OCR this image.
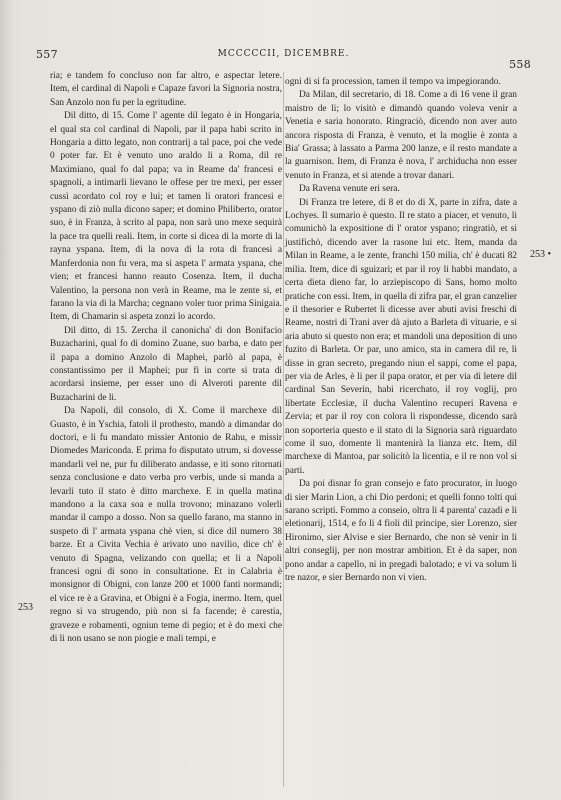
557	MCCCCCII, DICEMBRE.
558
253
253 •

ria; e tandem fo concluso non far altro, e aspectar letere. Item, el cardinal di Napoli e Capaze favori la Signoria nostra, San Anzolo non fu per la egritudine.

Dil ditto, di 15. Come l' agente dil legato è in Hongaria, el qual sta col cardinal di Napoli, par il papa habi scrito in Hongaria a ditto legato, non contrarij a tal pace, poi che vede 0 poter far. Et è venuto uno araldo li a Roma, dil re Maximiano, qual fo dal papa; va in Reame da' francesi e spagnoli, a intimarli lievano le offese per tre mexi, per esser cussì acordato col roy e lui; et tamen li oratori francesi e yspano di ziò nulla dicono saper; et domino Philiberto, orator suo, è in Franza, à scrito al papa, non sarà uno mexe sequirà la pace tra quelli reali. Item, in corte si dicea di la morte di la rayna yspana. Item, di la nova di la rota di francesi a Manferdonia non fu vera, ma si aspeta l' armata yspana, che vien; et francesi hanno reauto Cosenza. Item, il ducha Valentino, la persona non verà in Reame, ma le zente si, et farano la via di la Marcha; cegnano voler tuor prima Sinigaia. Item, di Chamarin si aspeta zonzi lo acordo.

Dil ditto, di 15. Zercha il canonicha' di don Bonifacio Buzacharini, qual fo di domino Zuane, suo barba, e dato per il papa a domino Anzolo di Maphei, parlò al papa, è constantissimo per il Maphei; pur fi in corte si trata di acordarsi insieme, per esser uno di Alveroti parente dil Buzacharini de li.

Da Napoli, dil consolo, di X. Come il marchexe dil Guasto, è in Yschia, fatoli il prothesto, mandò a dimandar do doctori, e li fu mandato missier Antonio de Rahu, e missir Diomedes Mariconda. E prima fo disputato utrum, si dovesse mandarli vel ne, pur fu diliberato andasse, e iti sono ritornati senza conclusione e dato verba pro verbis, unde si manda a levarli tuto il stato è ditto marchexe. E in quella matina mandono a la caxa soa e nulla trovono; minazano volerli mandar il campo a dosso. Non sa quello farano, ma stanno in suspeto di l' armata yspana chè vien, si dice dil numero 38 barze. Et a Civita Vechia è arivato uno navilio, dice ch' è venuto di Spagna, velizando con quella; et li a Napoli francesi ogni di sono in consultatione. Et in Calabria è monsignor di Obigni, con lanze 200 et 1000 fanti normandi; el vice re è a Gravina, et Obigni è a Fogia, inermo. Item, quel regno si va strugendo, più non si fa facende; è carestia, graveze e robamenti, ogniun teme di pegio; et è do mexi che di li non usano se non piogie e mali tempi, e

ogni di si fa procession, tamen il tempo va impegiorando.

Da Milan, dil secretario, di 18. Come a di 16 vene il gran maistro de li; lo visitò e dimandò quando voleva venir a Venetia e saria honorato. Ringraciò, dicendo non aver auto ancora risposta di Franza, è venuto, et la moglie è zonta a Bia' Grassa; à lassato a Parma 200 lanze, e il resto mandate a la guarnison. Item, di Franza è nova, l' archiducha non esser venuto in Franza, et si atende a trovar danari.

Da Ravena venute eri sera.

Di Franza tre letere, di 8 et do di X, parte in zifra, date a Lochyes. Il sumario è questo. Il re stato a piacer, et venuto, li comunichò la expositione di l' orator yspano; ringratiò, et si justifichò, dicendo aver la rasone lui etc. Item, manda da Milan in Reame, a le zente, franchi 150 milia, ch' è ducati 82 milia. Item, dice di sguizari; et par il roy li habbi mandato, a certa dieta dieno far, lo arziepiscopo di Sans, homo molto pratiche con essi. Item, in quella di zifra par, el gran canzelier e il thesorier e Rubertet li dicesse aver abuti avisi freschi di Reame, nostri di Trani aver dà ajuto a Barleta di vituarie, e si aria abuto si questo non era; et mandoli una deposition di uno fuzito di Barleta. Or par, uno amico, sta in camera dil re, li disse in gran secreto, pregando niun el sappi, come el papa, per via de Arles, è li per il papa orator, et per via di letere dil cardinal San Severin, habi ricerchato, il roy voglij, pro libertate Ecclesiæ, il ducha Valentino recuperi Ravena e Zervia; et par il roy con colora li rispondesse, dicendo sarà non soporteria questo e il stato di la Signoria sarà riguardato come il suo, domente li mantenirà la lianza etc. Item, dil marchexe di Mantoa, par solicitò la licentia, e il re non vol si parti.

Da poi disnar fo gran consejo e fato procurator, in luogo di sier Marin Lion, a chi Dio perdoni; et quelli fonno tolti qui sarano scripti. Fommo a conseio, oltra li 4 parenta' cazadi e li eletionarij, 1514, e fo li 4 fioli dil principe, sier Lorenzo, sier Hironimo, sier Alvise e sier Bernardo, che non sè venir in li altri conseglij, per non mostrar ambition. Et è da saper, non pono andar a capello, ni in pregadi balotado; e vi va solum li tre nazor, e sier Bernardo non vi vien.
